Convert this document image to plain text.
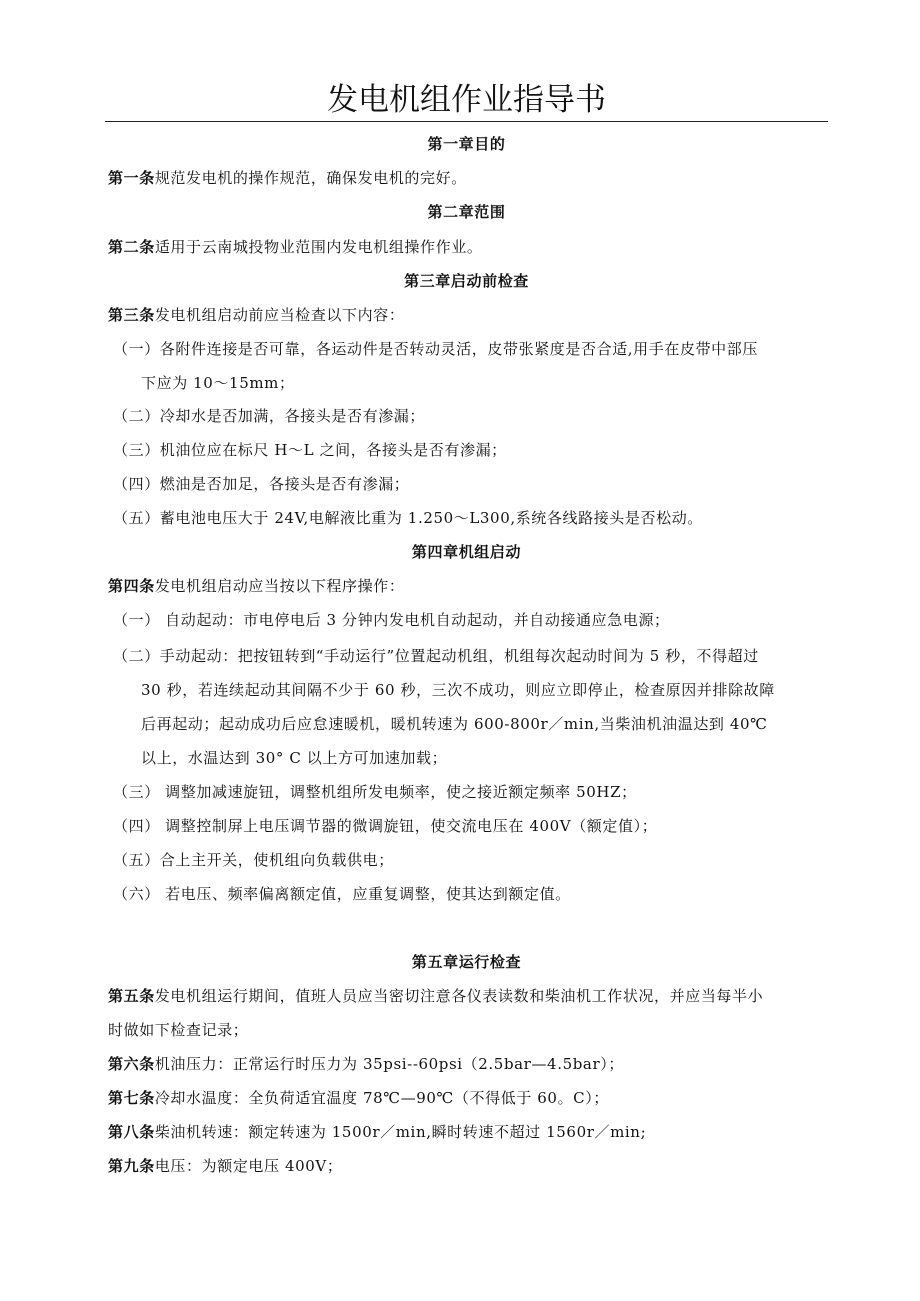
发电机组作业指导书
第一章目的
第一条规范发电机的操作规范，确保发电机的完好。
第二章范围
第二条适用于云南城投物业范围内发电机组操作作业。
第三章启动前检查
第三条发电机组启动前应当检查以下内容：
（一）各附件连接是否可靠，各运动件是否转动灵活，皮带张紧度是否合适,用手在皮带中部压
下应为 10～15mm；
（二）冷却水是否加满，各接头是否有渗漏；
（三）机油位应在标尺 H～L 之间，各接头是否有渗漏；
（四）燃油是否加足，各接头是否有渗漏；
（五）蓄电池电压大于 24V,电解液比重为 1.250～L300,系统各线路接头是否松动。
第四章机组启动
第四条发电机组启动应当按以下程序操作：
（一） 自动起动：市电停电后 3 分钟内发电机自动起动，并自动接通应急电源；
（二）手动起动：把按钮转到“手动运行”位置起动机组，机组每次起动时间为 5 秒，不得超过
30 秒，若连续起动其间隔不少于 60 秒，三次不成功，则应立即停止，检查原因并排除故障
后再起动；起动成功后应怠速暖机，暖机转速为 600-800r／min,当柴油机油温达到 40℃
以上，水温达到 30° C 以上方可加速加载；
（三） 调整加减速旋钮，调整机组所发电频率，使之接近额定频率 50HZ；
（四） 调整控制屏上电压调节器的微调旋钮，使交流电压在 400V（额定值）；
（五）合上主开关，使机组向负载供电；
（六） 若电压、频率偏离额定值，应重复调整，使其达到额定值。
第五章运行检查
第五条发电机组运行期间，值班人员应当密切注意各仪表读数和柴油机工作状况，并应当每半小
时做如下检查记录；
第六条机油压力：正常运行时压力为 35psi--60psi（2.5bar—4.5bar）；
第七条冷却水温度：全负荷适宜温度 78℃—90℃（不得低于 60。C）；
第八条柴油机转速：额定转速为 1500r／min,瞬时转速不超过 1560r／min;
第九条电压：为额定电压 400V；
